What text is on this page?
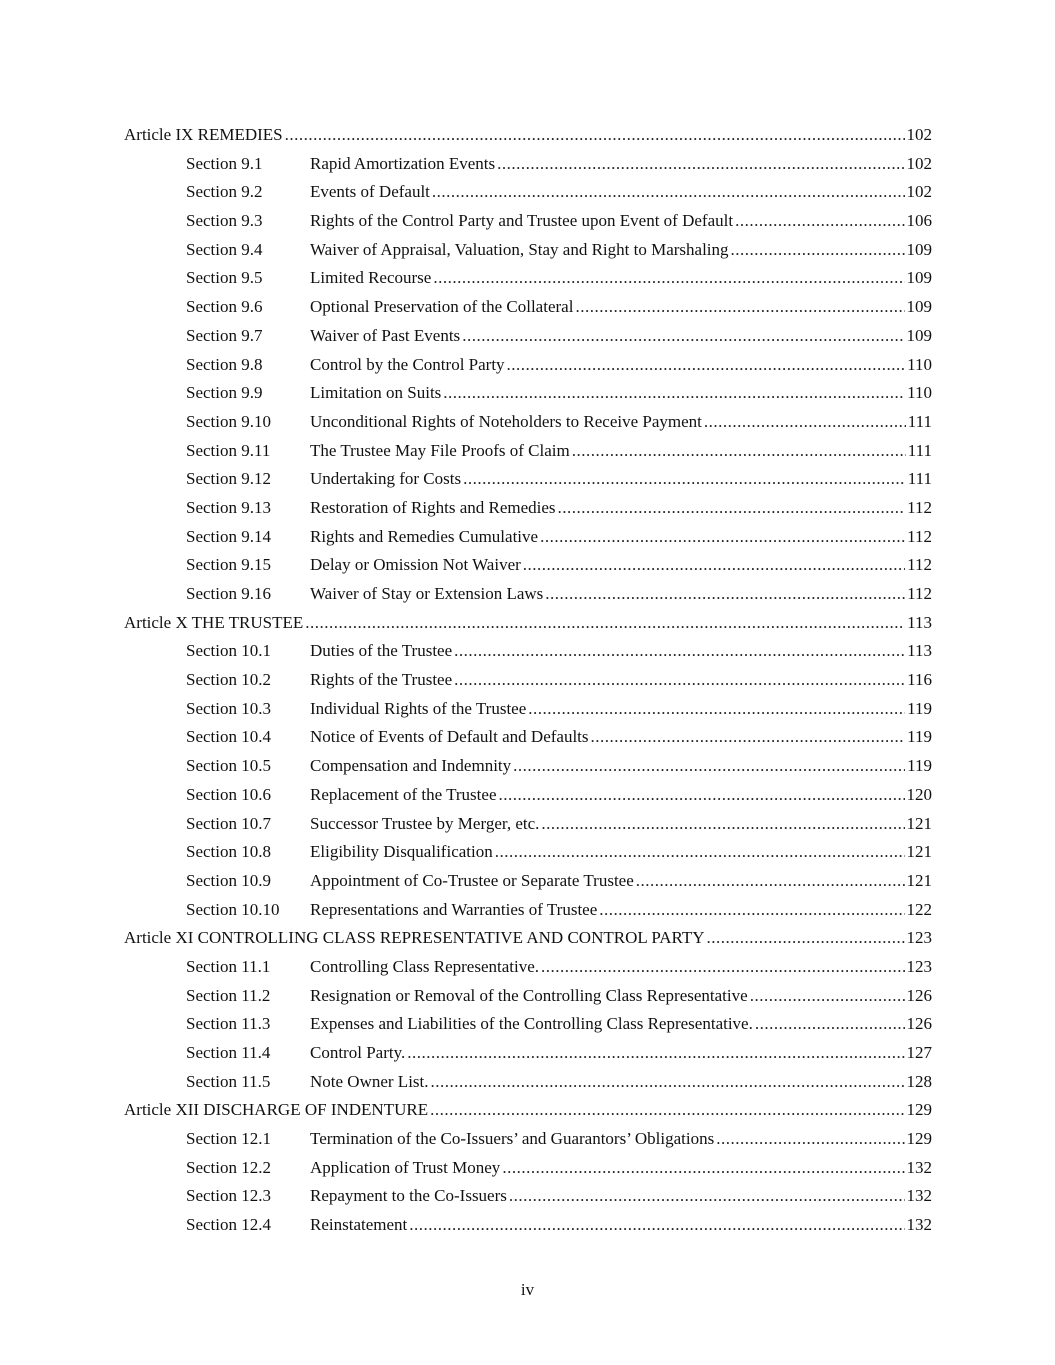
Article IX REMEDIES .....	102
Section 9.1	Rapid Amortization Events .....	102
Section 9.2	Events of Default .....	102
Section 9.3	Rights of the Control Party and Trustee upon Event of Default .....	106
Section 9.4	Waiver of Appraisal, Valuation, Stay and Right to Marshaling .....	109
Section 9.5	Limited Recourse .....	109
Section 9.6	Optional Preservation of the Collateral .....	109
Section 9.7	Waiver of Past Events .....	109
Section 9.8	Control by the Control Party .....	110
Section 9.9	Limitation on Suits .....	110
Section 9.10	Unconditional Rights of Noteholders to Receive Payment .....	111
Section 9.11	The Trustee May File Proofs of Claim .....	111
Section 9.12	Undertaking for Costs .....	111
Section 9.13	Restoration of Rights and Remedies .....	112
Section 9.14	Rights and Remedies Cumulative .....	112
Section 9.15	Delay or Omission Not Waiver .....	112
Section 9.16	Waiver of Stay or Extension Laws .....	112
Article X THE TRUSTEE .....	113
Section 10.1	Duties of the Trustee .....	113
Section 10.2	Rights of the Trustee .....	116
Section 10.3	Individual Rights of the Trustee .....	119
Section 10.4	Notice of Events of Default and Defaults .....	119
Section 10.5	Compensation and Indemnity .....	119
Section 10.6	Replacement of the Trustee .....	120
Section 10.7	Successor Trustee by Merger, etc. .....	121
Section 10.8	Eligibility Disqualification .....	121
Section 10.9	Appointment of Co-Trustee or Separate Trustee .....	121
Section 10.10	Representations and Warranties of Trustee .....	122
Article XI CONTROLLING CLASS REPRESENTATIVE AND CONTROL PARTY .....	123
Section 11.1	Controlling Class Representative. .....	123
Section 11.2	Resignation or Removal of the Controlling Class Representative .....	126
Section 11.3	Expenses and Liabilities of the Controlling Class Representative. .....	126
Section 11.4	Control Party. .....	127
Section 11.5	Note Owner List. .....	128
Article XII DISCHARGE OF INDENTURE .....	129
Section 12.1	Termination of the Co-Issuers’ and Guarantors’ Obligations .....	129
Section 12.2	Application of Trust Money .....	132
Section 12.3	Repayment to the Co-Issuers .....	132
Section 12.4	Reinstatement .....	132
iv
